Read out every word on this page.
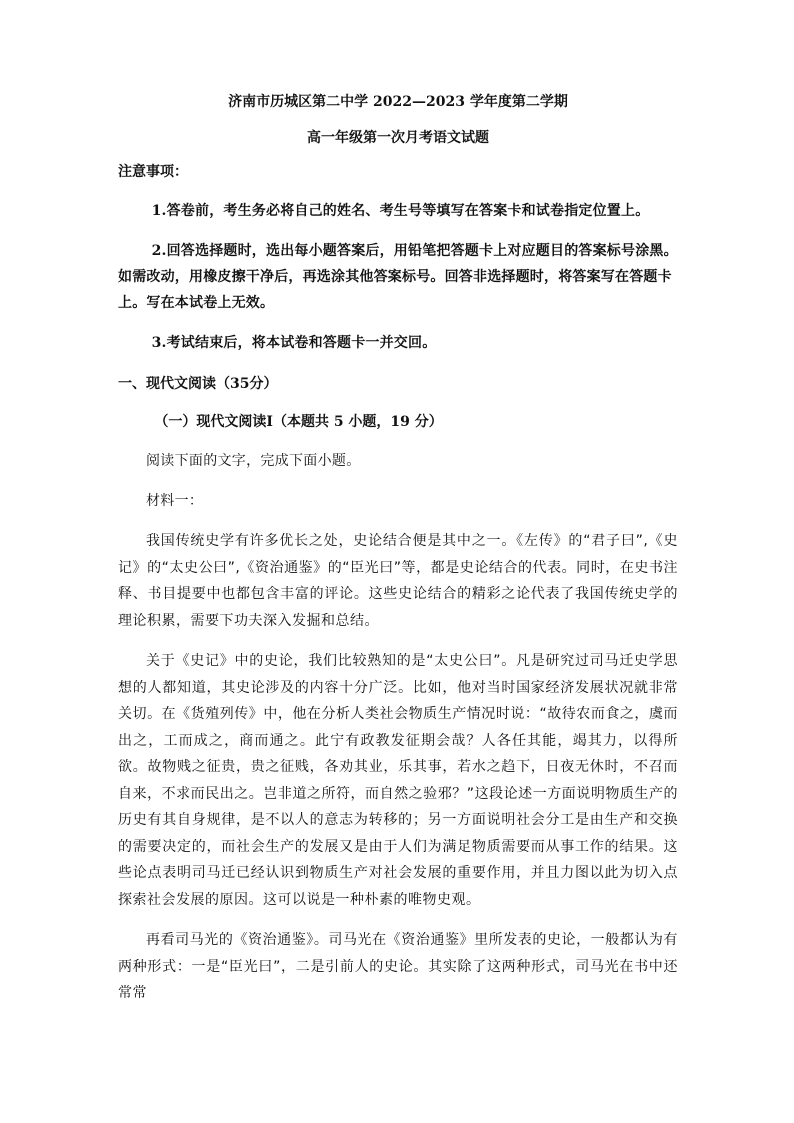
济南市历城区第二中学 2022—2023 学年度第二学期

高一年级第一次月考语文试题

注意事项：

1.答卷前，考生务必将自己的姓名、考生号等填写在答案卡和试卷指定位置上。

2.回答选择题时，选出每小题答案后，用铅笔把答题卡上对应题目的答案标号涂黑。如需改动，用橡皮擦干净后，再选涂其他答案标号。回答非选择题时，将答案写在答题卡上。写在本试卷上无效。

3.考试结束后，将本试卷和答题卡一并交回。

一、现代文阅读（35分）

（一）现代文阅读Ⅰ（本题共 5 小题，19 分）

阅读下面的文字，完成下面小题。

材料一：

我国传统史学有许多优长之处，史论结合便是其中之一。《左传》的“君子曰”,《史记》的“太史公曰”,《资治通鉴》的“臣光曰”等，都是史论结合的代表。同时，在史书注释、书目提要中也都包含丰富的评论。这些史论结合的精彩之论代表了我国传统史学的理论积累，需要下功夫深入发掘和总结。

关于《史记》中的史论，我们比较熟知的是“太史公曰”。凡是研究过司马迁史学思想的人都知道，其史论涉及的内容十分广泛。比如，他对当时国家经济发展状况就非常关切。在《货殖列传》中，他在分析人类社会物质生产情况时说：“故待农而食之，虞而出之，工而成之，商而通之。此宁有政教发征期会哉？人各任其能，竭其力，以得所欲。故物贱之征贵，贵之征贱，各劝其业，乐其事，若水之趋下，日夜无休时，不召而自来，不求而民出之。岂非道之所符，而自然之验邪？”这段论述一方面说明物质生产的历史有其自身规律，是不以人的意志为转移的；另一方面说明社会分工是由生产和交换的需要决定的，而社会生产的发展又是由于人们为满足物质需要而从事工作的结果。这些论点表明司马迁已经认识到物质生产对社会发展的重要作用，并且力图以此为切入点探索社会发展的原因。这可以说是一种朴素的唯物史观。

再看司马光的《资治通鉴》。司马光在《资治通鉴》里所发表的史论，一般都认为有两种形式：一是“臣光曰”，二是引前人的史论。其实除了这两种形式，司马光在书中还常常
